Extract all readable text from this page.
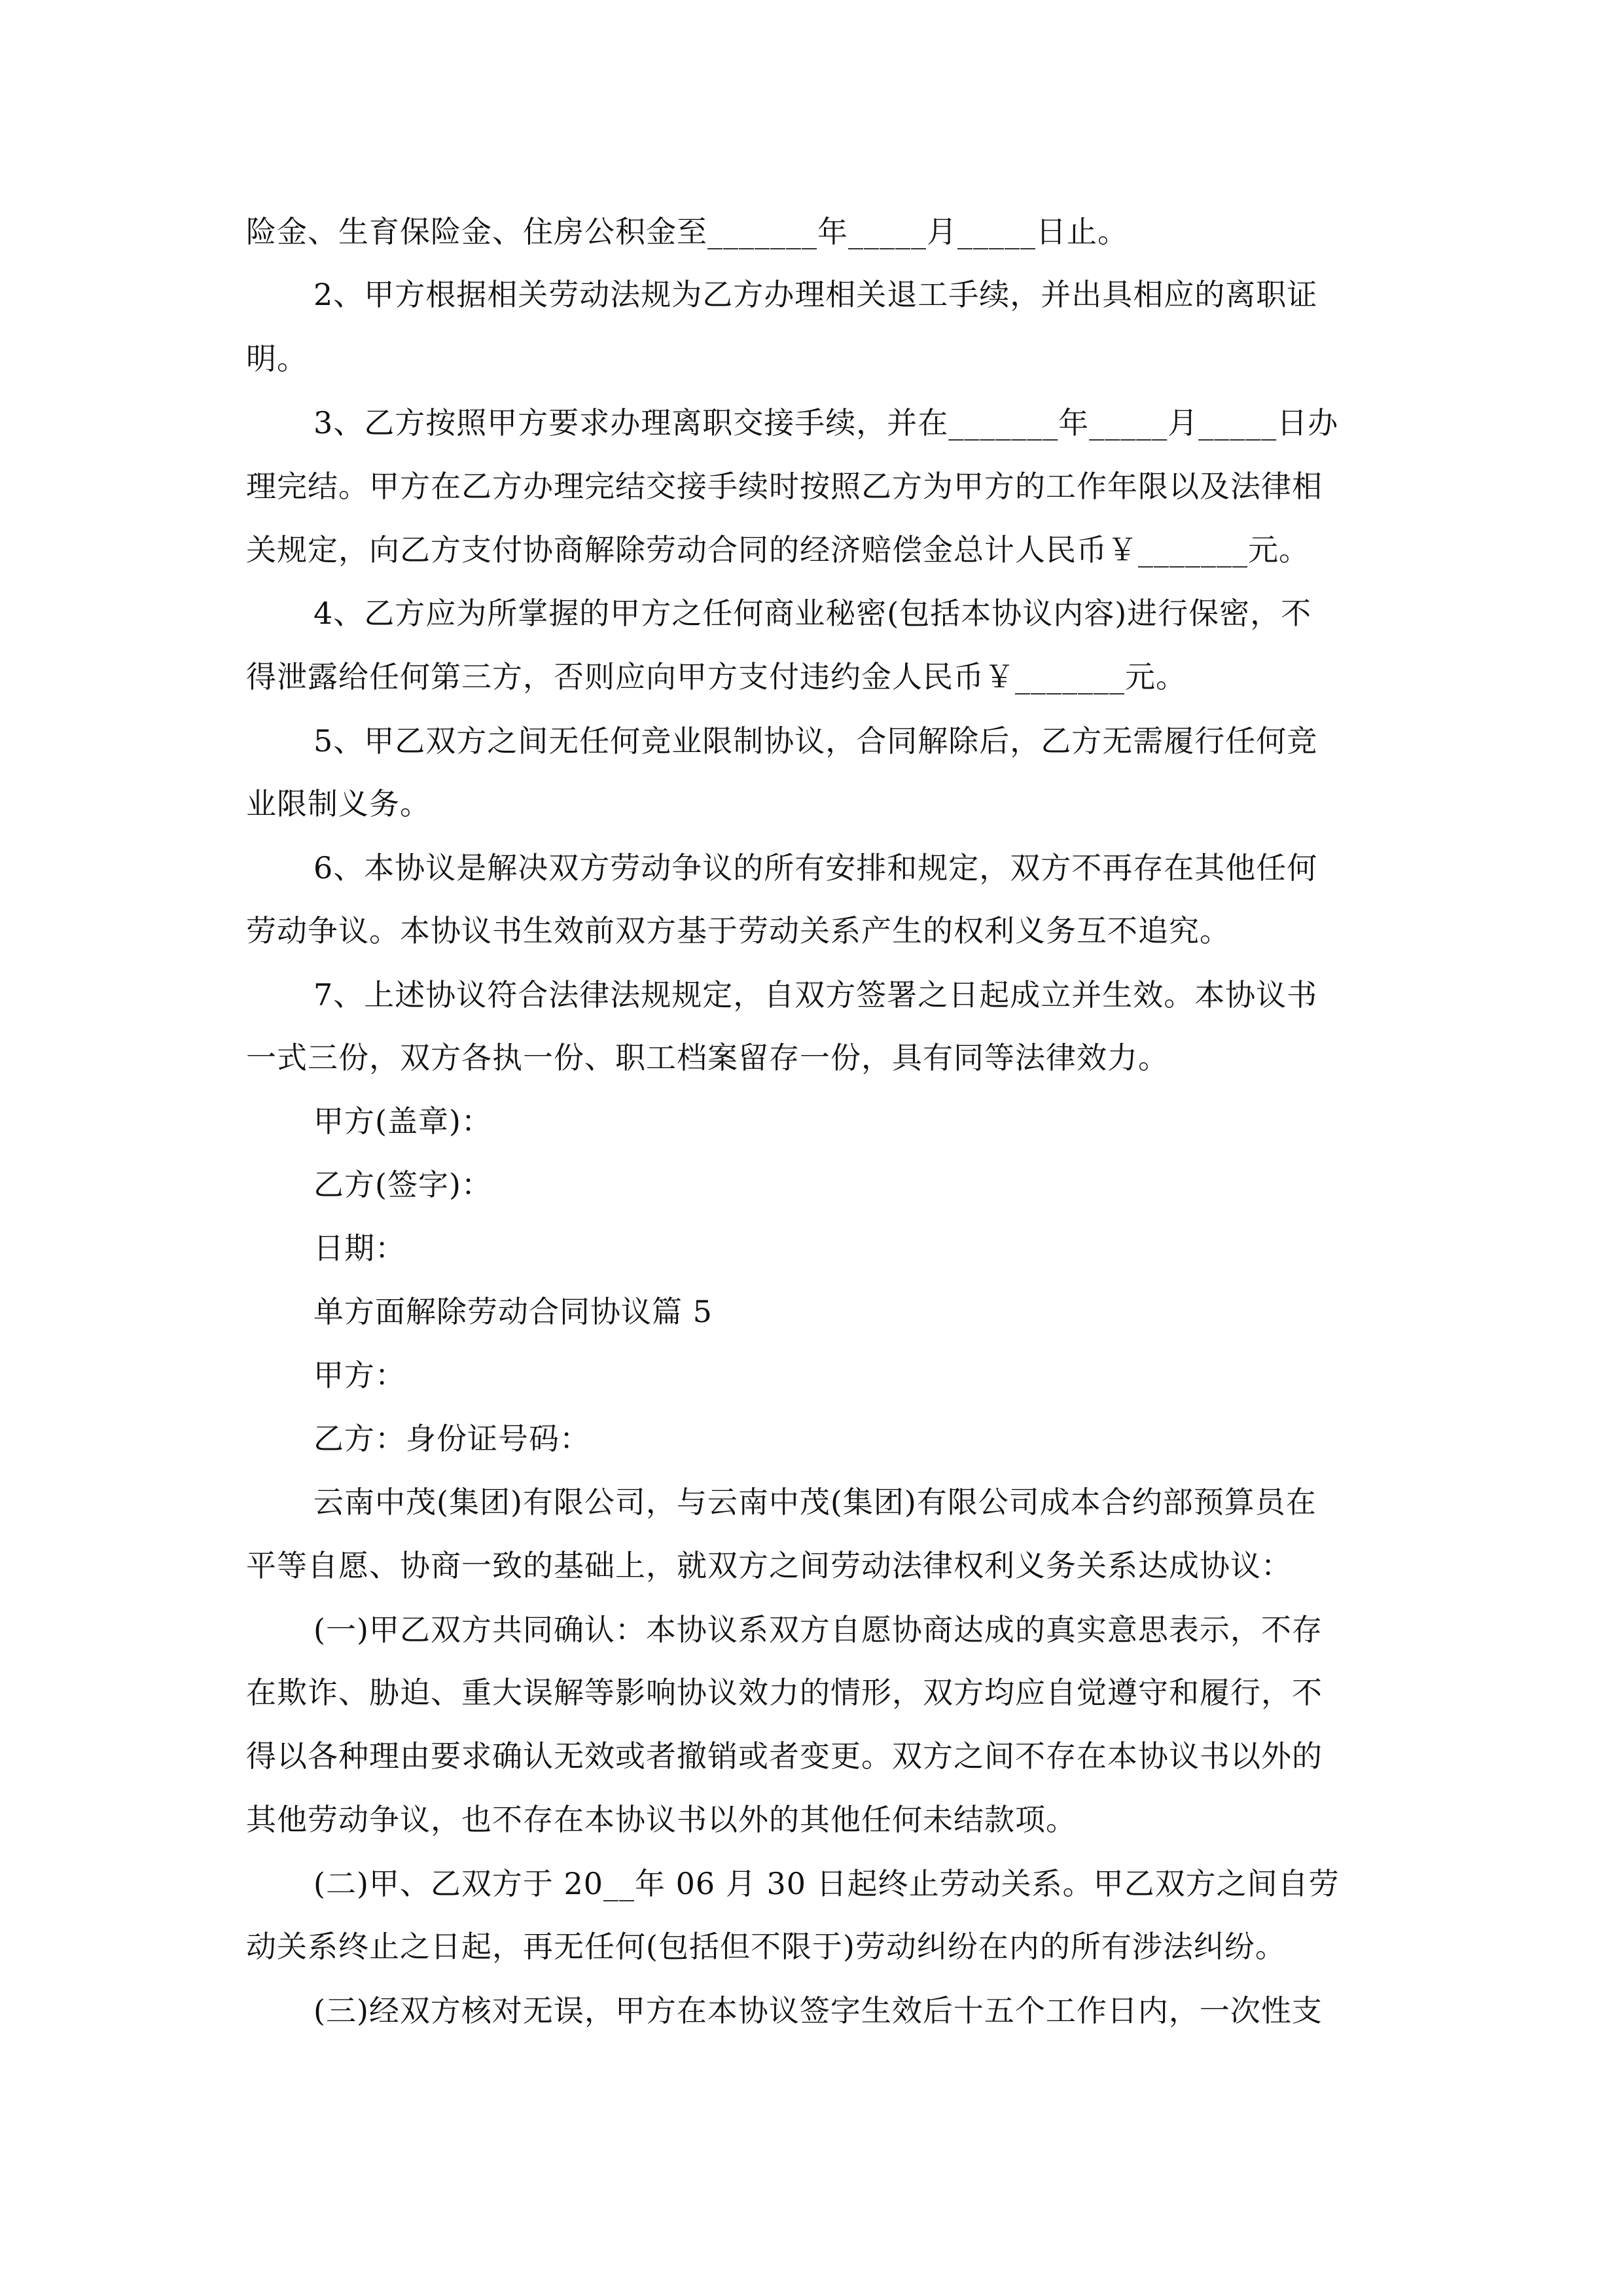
险金、生育保险金、住房公积金至_______年_____月_____日止。
2、甲方根据相关劳动法规为乙方办理相关退工手续，并出具相应的离职证
明。
3、乙方按照甲方要求办理离职交接手续，并在_______年_____月_____日办
理完结。甲方在乙方办理完结交接手续时按照乙方为甲方的工作年限以及法律相
关规定，向乙方支付协商解除劳动合同的经济赔偿金总计人民币￥_______元。
4、乙方应为所掌握的甲方之任何商业秘密(包括本协议内容)进行保密，不
得泄露给任何第三方，否则应向甲方支付违约金人民币￥_______元。
5、甲乙双方之间无任何竞业限制协议，合同解除后，乙方无需履行任何竞
业限制义务。
6、本协议是解决双方劳动争议的所有安排和规定，双方不再存在其他任何
劳动争议。本协议书生效前双方基于劳动关系产生的权利义务互不追究。
7、上述协议符合法律法规规定，自双方签署之日起成立并生效。本协议书
一式三份，双方各执一份、职工档案留存一份，具有同等法律效力。
甲方(盖章)：
乙方(签字)：
日期：
单方面解除劳动合同协议篇 5
甲方：
乙方：身份证号码：
云南中茂(集团)有限公司，与云南中茂(集团)有限公司成本合约部预算员在
平等自愿、协商一致的基础上，就双方之间劳动法律权利义务关系达成协议：
(一)甲乙双方共同确认：本协议系双方自愿协商达成的真实意思表示，不存
在欺诈、胁迫、重大误解等影响协议效力的情形，双方均应自觉遵守和履行，不
得以各种理由要求确认无效或者撤销或者变更。双方之间不存在本协议书以外的
其他劳动争议，也不存在本协议书以外的其他任何未结款项。
(二)甲、乙双方于 20__年 06 月 30 日起终止劳动关系。甲乙双方之间自劳
动关系终止之日起，再无任何(包括但不限于)劳动纠纷在内的所有涉法纠纷。
(三)经双方核对无误，甲方在本协议签字生效后十五个工作日内，一次性支
